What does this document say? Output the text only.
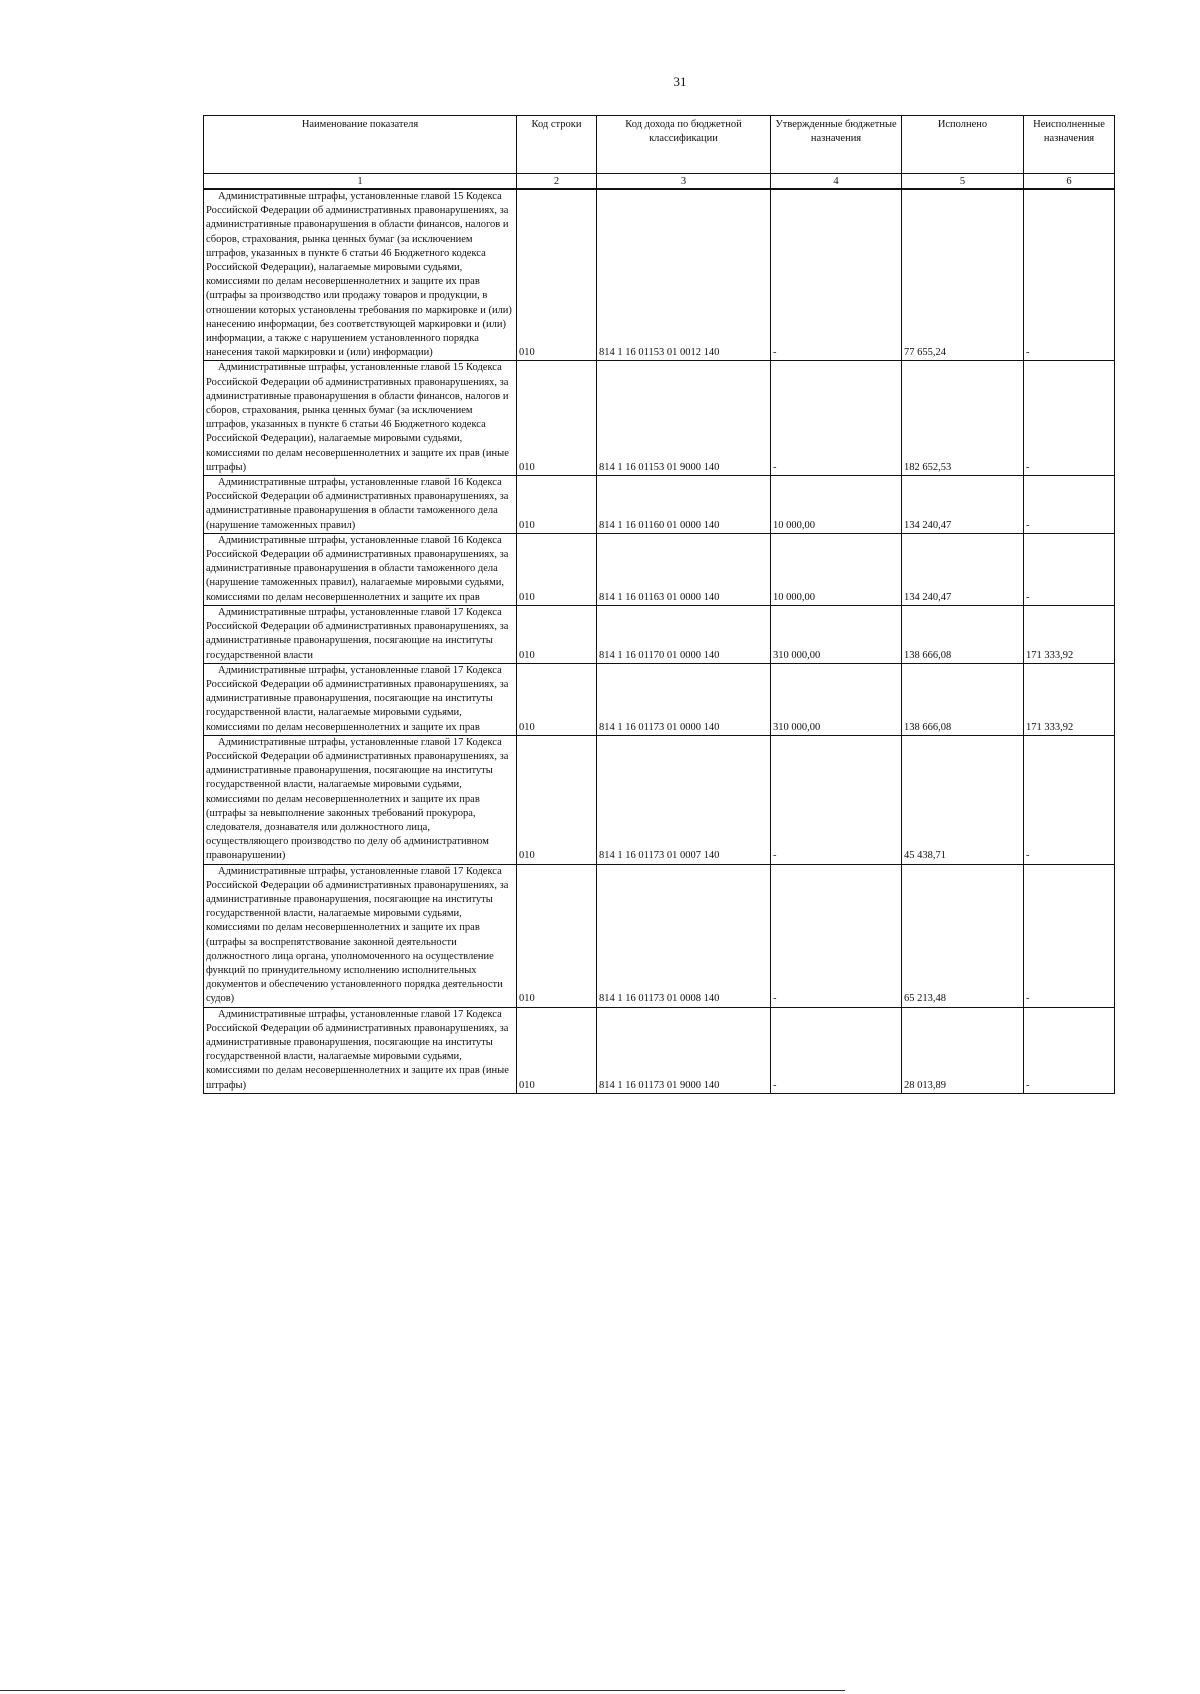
31
Наименование показателя	Код строки	Код дохода по бюджетной классификации	Утвержденные бюджетные назначения	Исполнено	Неисполненные назначения
1	2	3	4	5	6
Административные штрафы, установленные главой 15 Кодекса Российской Федерации об административных правонарушениях, за административные правонарушения в области финансов, налогов и сборов, страхования, рынка ценных бумаг (за исключением штрафов, указанных в пункте 6 статьи 46 Бюджетного кодекса Российской Федерации), налагаемые мировыми судьями, комиссиями по делам несовершеннолетних и защите их прав (штрафы за производство или продажу товаров и продукции, в отношении которых установлены требования по маркировке и (или) нанесению информации, без соответствующей маркировки и (или) информации, а также с нарушением установленного порядка нанесения такой маркировки и (или) информации)	010	814 1 16 01153 01 0012 140	-	77 655,24	-
Административные штрафы, установленные главой 15 Кодекса Российской Федерации об административных правонарушениях, за административные правонарушения в области финансов, налогов и сборов, страхования, рынка ценных бумаг (за исключением штрафов, указанных в пункте 6 статьи 46 Бюджетного кодекса Российской Федерации), налагаемые мировыми судьями, комиссиями по делам несовершеннолетних и защите их прав (иные штрафы)	010	814 1 16 01153 01 9000 140	-	182 652,53	-
Административные штрафы, установленные главой 16 Кодекса Российской Федерации об административных правонарушениях, за административные правонарушения в области таможенного дела (нарушение таможенных правил)	010	814 1 16 01160 01 0000 140	10 000,00	134 240,47	-
Административные штрафы, установленные главой 16 Кодекса Российской Федерации об административных правонарушениях, за административные правонарушения в области таможенного дела (нарушение таможенных правил), налагаемые мировыми судьями, комиссиями по делам несовершеннолетних и защите их прав	010	814 1 16 01163 01 0000 140	10 000,00	134 240,47	-
Административные штрафы, установленные главой 17 Кодекса Российской Федерации об административных правонарушениях, за административные правонарушения, посягающие на институты государственной власти	010	814 1 16 01170 01 0000 140	310 000,00	138 666,08	171 333,92
Административные штрафы, установленные главой 17 Кодекса Российской Федерации об административных правонарушениях, за административные правонарушения, посягающие на институты государственной власти, налагаемые мировыми судьями, комиссиями по делам несовершеннолетних и защите их прав	010	814 1 16 01173 01 0000 140	310 000,00	138 666,08	171 333,92
Административные штрафы, установленные главой 17 Кодекса Российской Федерации об административных правонарушениях, за административные правонарушения, посягающие на институты государственной власти, налагаемые мировыми судьями, комиссиями по делам несовершеннолетних и защите их прав (штрафы за невыполнение законных требований прокурора, следователя, дознавателя или должностного лица, осуществляющего производство по делу об административном правонарушении)	010	814 1 16 01173 01 0007 140	-	45 438,71	-
Административные штрафы, установленные главой 17 Кодекса Российской Федерации об административных правонарушениях, за административные правонарушения, посягающие на институты государственной власти, налагаемые мировыми судьями, комиссиями по делам несовершеннолетних и защите их прав (штрафы за воспрепятствование законной деятельности должностного лица органа, уполномоченного на осуществление функций по принудительному исполнению исполнительных документов и обеспечению установленного порядка деятельности судов)	010	814 1 16 01173 01 0008 140	-	65 213,48	-
Административные штрафы, установленные главой 17 Кодекса Российской Федерации об административных правонарушениях, за административные правонарушения, посягающие на институты государственной власти, налагаемые мировыми судьями, комиссиями по делам несовершеннолетних и защите их прав (иные штрафы)	010	814 1 16 01173 01 9000 140	-	28 013,89	-
